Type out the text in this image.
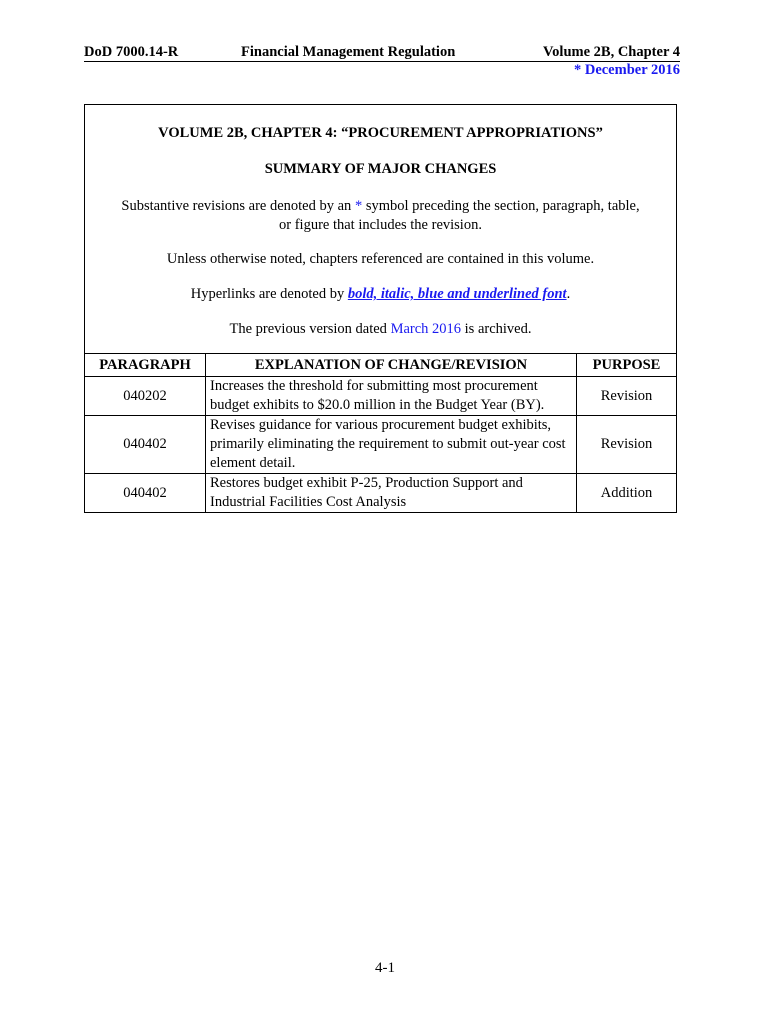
DoD 7000.14-R	Financial Management Regulation	Volume 2B, Chapter 4
* December 2016
VOLUME 2B, CHAPTER 4: “PROCUREMENT APPROPRIATIONS”
SUMMARY OF MAJOR CHANGES
Substantive revisions are denoted by an * symbol preceding the section, paragraph, table, or figure that includes the revision.
Unless otherwise noted, chapters referenced are contained in this volume.
Hyperlinks are denoted by bold, italic, blue and underlined font.
The previous version dated March 2016 is archived.
PARAGRAPH	EXPLANATION OF CHANGE/REVISION	PURPOSE
040202	Increases the threshold for submitting most procurement budget exhibits to $20.0 million in the Budget Year (BY).	Revision
040402	Revises guidance for various procurement budget exhibits, primarily eliminating the requirement to submit out-year cost element detail.	Revision
040402	Restores budget exhibit P-25, Production Support and Industrial Facilities Cost Analysis	Addition
4-1
